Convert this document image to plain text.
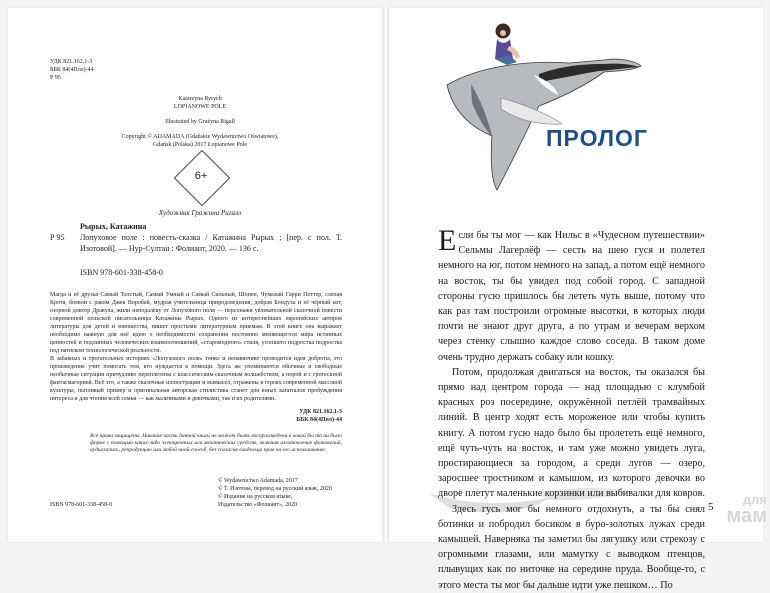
УДК 821.162.1-3
ББК 84(4Пол)-44
Р 95
Katarzyna Ryrych
LOPIANOWE POLE
Illustrated by Grażyna Rigall
Copyright © ADAMADA (Gdańskie Wydawnictwo Oświatowe),
Gdańsk (Polska) 2017 Łopianowe Pole
6+
Художник Гражина Ригалл
Рырых, Катажина
Р 95 Лопуховое поле : повесть-сказка / Катажина Рырых ; [пер. с пол. Т. Изотовой]. — Нур-Султан : Фолиант, 2020. — 136 с.
ISBN 978-601-338-458-0
Магда и её друзья Самый Толстый, Самый Умный и Самый Сильный, Шопен, Чумазый Гарри Поттер, слепая Кротя, боевой с раком Джек Воробей, мудрая учительница природоведения, добрая Бондуха и её чёрный кот, озорной доктор Дракула, жили неподалёку от Лопухового поля — персонажи увлекательной сказочной повести современной польской писательницы Катажины Рырых. Одного из интереснейших европейских авторов литературы для детей и юношества, пишет простыми литературным приемам. В этой книге она выражает необходимо важную для неё идею о необходимости сохранения постоянно меняющегося мира истинных ценностей и подлинных человеческих взаимоотношений, «старомодного» стиля, усопшего подростка подростка под натиском технологической реальности.
В забавных и трогательных историях «Лопухового поля» тонко и ненавязчиво проводится идея доброты, это произведение учит помогать тем, кто нуждается в помощи. Здесь же упоминаются обычные и свободные необычные ситуации причудливо переплетены с классическим сказочным волшебством, а порой и с гротескной фантасмагорией. Всё это, а также сказочные иллюстрации и вымысел, отражены в героях современной массовой культуры, пытливый пример и оригинальная авторская стилистика станет для юных капиталов пробуждения интереса и для чтения всей семьи — как мальчиками и девочками, так и их родителями.
УДК 821.162.1-3
ББК 84(4Пол)-44
Все права защищены. Никакая часть данной книги не может быть воспроизведена в какой бы то ни было форме с помощью каких-либо электронных или механических средств, включая изготовление фотокопий, аудиозапись, репродукцию или любой иной способ, без согласия владельца прав на его использование.
© Wydawnictwo Adamada, 2017
© Т. Изотова, перевод на русский язык, 2020
© Издание на русском языке,
Издательство «Фолиант», 2020
ISBN 978-601-338-458-0
ПРОЛОГ

Если бы ты мог — как Нильс в «Чудесном путешествии» Сельмы Лагерлёф — сесть на шею гуся и полетел немного на юг, потом немного на запад, а потом ещё немного на восток, ты бы увидел под собой город. С западной стороны гусю пришлось бы лететь чуть выше, потому что как раз там построили огромные высотки, в которых люди почти не знают друг друга, а по утрам и вечерам верхом через стенку слышно каждое слово соседа. В таком доме очень трудно держать собаку или кошку.

Потом, продолжая двигаться на восток, ты оказался бы прямо над центром города — над площадью с клумбой красных роз посередине, окружённой петлёй трамвайных линий. В центр ходят есть мороженое или чтобы купить книгу. А потом гусю надо было бы пролететь ещё немного, ещё чуть-чуть на восток, и там уже можно увидеть луга, простирающиеся за городом, а среди лугов — озеро, заросшее тростником и камышом, из которого девочки во дворе плетут маленькие корзинки или выбивалки для ковров.

Здесь гусь мог бы немного отдохнуть, а ты бы снял ботинки и побродил босиком в буро-золотых лужах среди камышей. Наверняка ты заметил бы лягушку или стрекозу с огромными глазами, или мамутку с выводком птенцов, плывущих как по ниточке на середине пруда. Вообще-то, с этого места ты мог бы дальше идти уже пешком… По

5	для
мам
